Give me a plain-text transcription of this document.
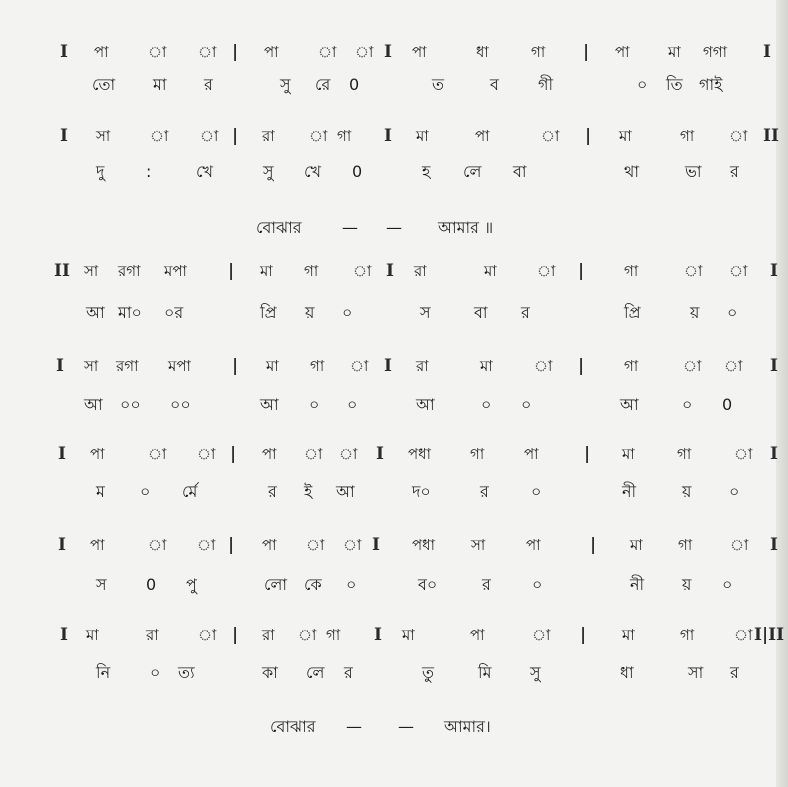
I পা	া া | পা	া া I পা	ধা	গা | পা	মা গগা I
তো মা র	সু রে 0	ত	ব গী	০ তি গাই
I সা	া া | রা া গা I মা	পা	া | মা	গা া II
দু	:	খে	সু খে 0	হ লে বা	থা	ভা র
বোঝার	— — আমার ॥
II সা রগা মপা | মা গা া I রা	মা	া |	গা	া া I
আ মা০ ০র	প্রি য় ০	স	বা র	প্রি	য় ০
I সা রগা মপা | মা গা া I রা	মা	া |	গা	া া I
আ ০০ ০০	আ ০ ০	আ	০ ০	আ	০ 0
I পা	া া | পা া া I পধা	গা	পা	| মা	গা	া I
ম ০ র্মে	র ই আ	দ০	র	০	নী	য় ০
I পা	া া | পা া া I পধা সা	পা	| মা গা	া I
স 0 পু	লো কে ০	ব০	র	০	নী য় ০
I মা	রা	া | রা া গা I মা	পা	া | মা	গা	া I|II
নি ০ ত্য	কা লে র	তু	মি সু	ধা	সা র
বোঝার — — আমার।
